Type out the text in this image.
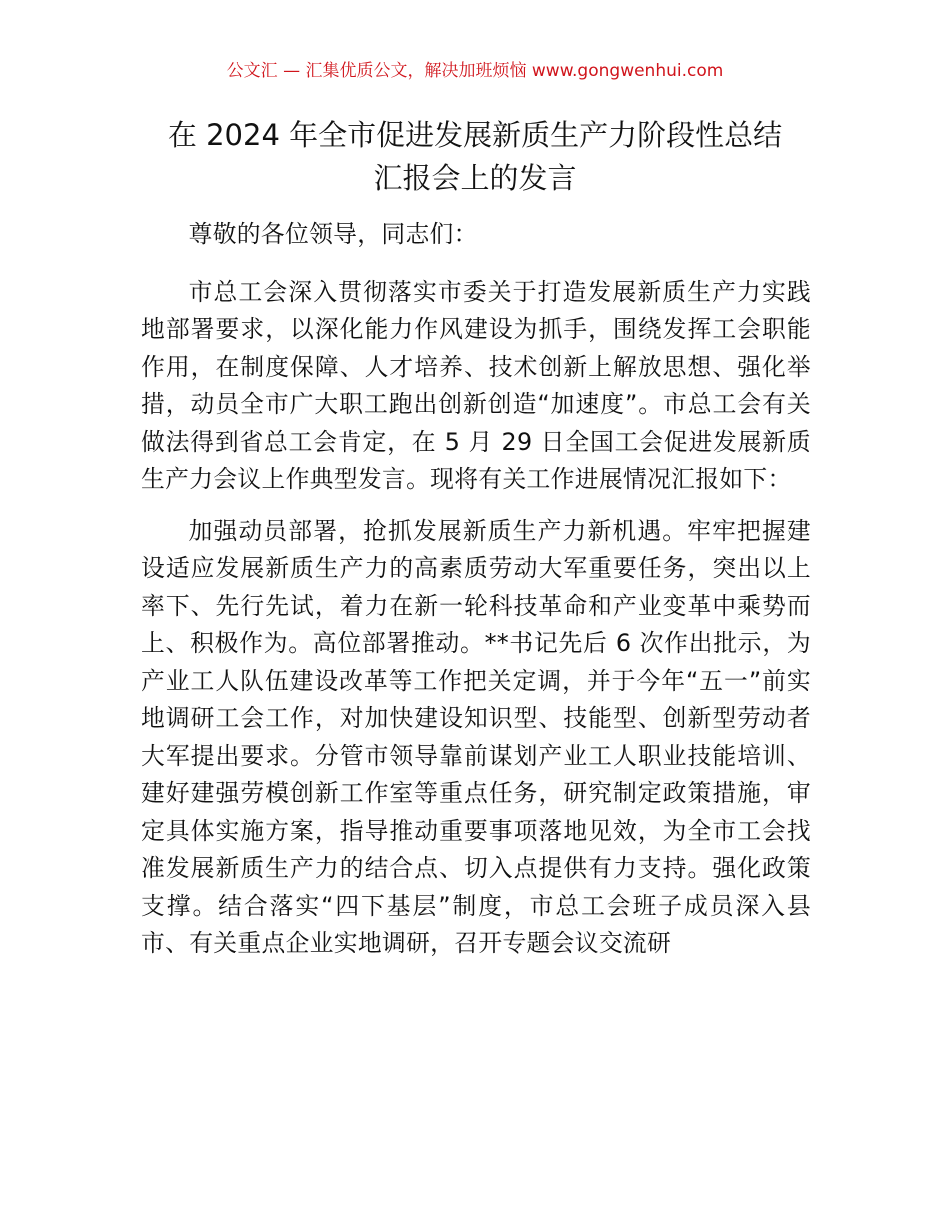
公文汇 — 汇集优质公文，解决加班烦恼 www.gongwenhui.com
在 2024 年全市促进发展新质生产力阶段性总结
汇报会上的发言

尊敬的各位领导，同志们：

市总工会深入贯彻落实市委关于打造发展新质生产力实践地部署要求，以深化能力作风建设为抓手，围绕发挥工会职能作用，在制度保障、人才培养、技术创新上解放思想、强化举措，动员全市广大职工跑出创新创造“加速度”。市总工会有关做法得到省总工会肯定，在 5 月 29 日全国工会促进发展新质生产力会议上作典型发言。现将有关工作进展情况汇报如下：

加强动员部署，抢抓发展新质生产力新机遇。牢牢把握建设适应发展新质生产力的高素质劳动大军重要任务，突出以上率下、先行先试，着力在新一轮科技革命和产业变革中乘势而上、积极作为。高位部署推动。**书记先后 6 次作出批示，为产业工人队伍建设改革等工作把关定调，并于今年“五一”前实地调研工会工作，对加快建设知识型、技能型、创新型劳动者大军提出要求。分管市领导靠前谋划产业工人职业技能培训、建好建强劳模创新工作室等重点任务，研究制定政策措施，审定具体实施方案，指导推动重要事项落地见效，为全市工会找准发展新质生产力的结合点、切入点提供有力支持。强化政策支撑。结合落实“四下基层”制度，市总工会班子成员深入县市、有关重点企业实地调研，召开专题会议交流研
